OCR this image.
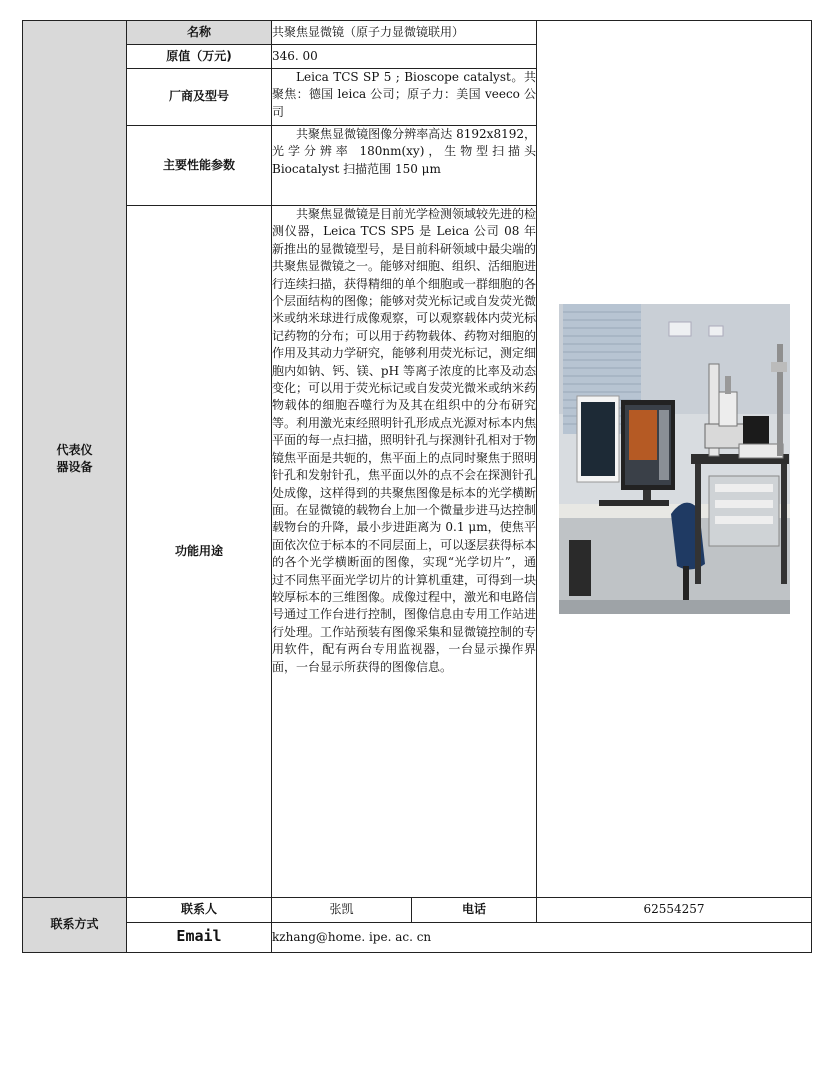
代表仪器设备	名称	共聚焦显微镜（原子力显微镜联用）	

	原值（万元)	346. 00		
	厂商及型号	Leica TCS SP 5 ; Bioscope catalyst。共聚焦：德国 leica 公司；原子力：美国 veeco 公司		
	主要性能参数	共聚焦显微镜图像分辨率高达 8192x8192，光学分辨率 180nm(xy)，生物型扫描头 Biocatalyst 扫描范围 150 μm		
	功能用途	共聚焦显微镜是目前光学检测领域较先进的检测仪器，Leica TCS SP5 是 Leica 公司 08 年新推出的显微镜型号，是目前科研领域中最尖端的共聚焦显微镜之一。能够对细胞、组织、活细胞进行连续扫描，获得精细的单个细胞或一群细胞的各个层面结构的图像；能够对荧光标记或自发荧光微米或纳米球进行成像观察，可以观察载体内荧光标记药物的分布；可以用于药物载体、药物对细胞的作用及其动力学研究，能够利用荧光标记，测定细胞内如钠、钙、镁、pH 等离子浓度的比率及动态变化；可以用于荧光标记或自发荧光微米或纳米药物载体的细胞吞噬行为及其在组织中的分布研究等。利用激光束经照明针孔形成点光源对标本内焦平面的每一点扫描，照明针孔与探测针孔相对于物镜焦平面是共轭的，焦平面上的点同时聚焦于照明针孔和发射针孔，焦平面以外的点不会在探测针孔处成像，这样得到的共聚焦图像是标本的光学横断面。在显微镜的载物台上加一个微量步进马达控制载物台的升降，最小步进距离为 0.1 μm，使焦平面依次位于标本的不同层面上，可以逐层获得标本的各个光学横断面的图像，实现“光学切片”，通过不同焦平面光学切片的计算机重建，可得到一块较厚标本的三维图像。成像过程中，激光和电路信号通过工作台进行控制，图像信息由专用工作站进行处理。工作站预装有图像采集和显微镜控制的专用软件，配有两台专用监视器，一台显示操作界面，一台显示所获得的图像信息。		
联系方式	联系人	张凯	电话	62554257
	Email	kzhang@home. ipe. ac. cn		
